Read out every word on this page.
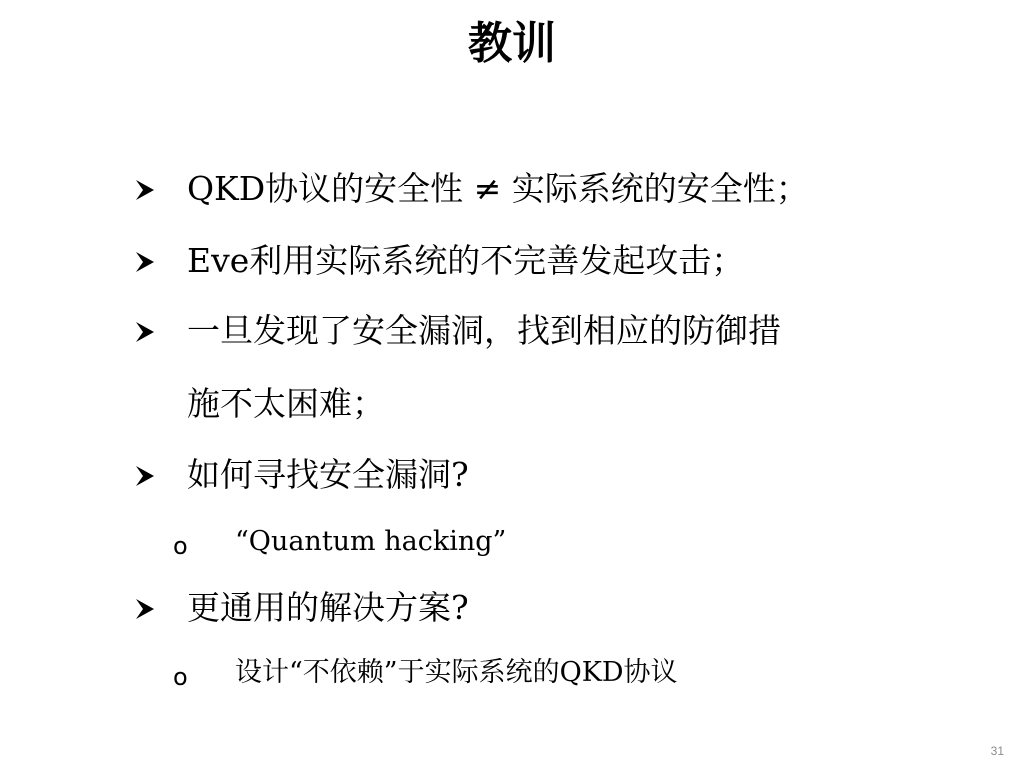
教训
QKD协议的安全性 ≠ 实际系统的安全性；
Eve利用实际系统的不完善发起攻击；
一旦发现了安全漏洞，找到相应的防御措
施不太困难；
如何寻找安全漏洞?
o “Quantum hacking”
更通用的解决方案?
o 设计“不依赖”于实际系统的QKD协议
31
